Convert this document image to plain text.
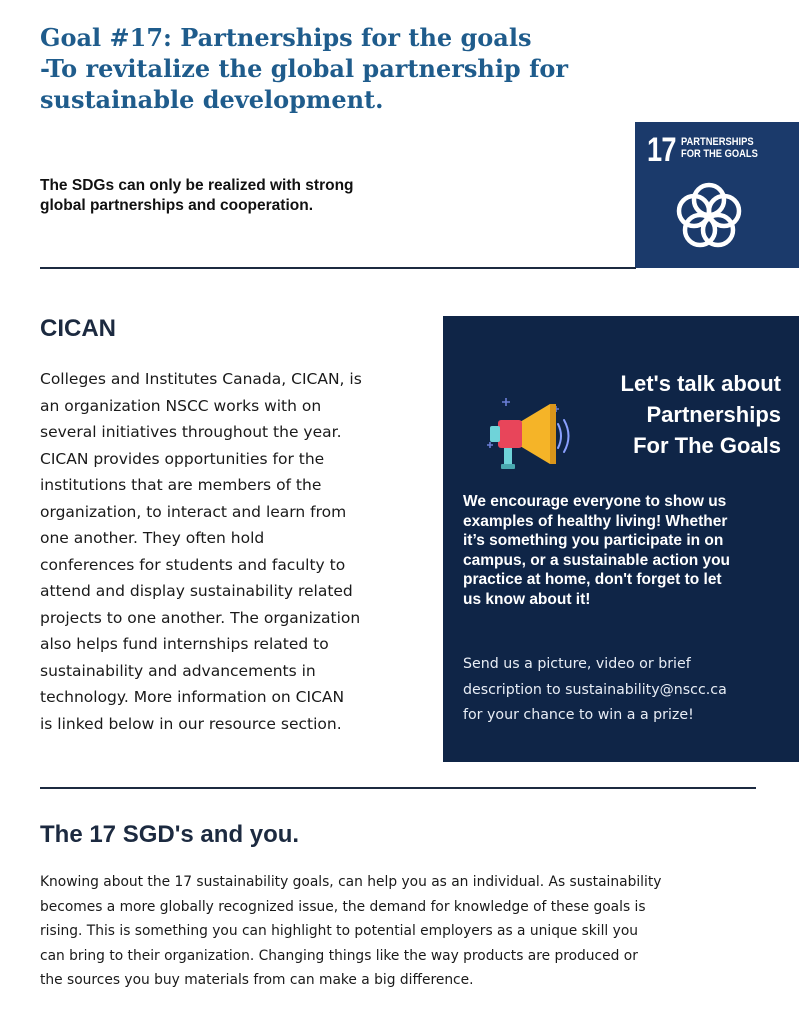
Goal #17: Partnerships for the goals
-To revitalize the global partnership for
sustainable development.
The SDGs can only be realized with strong
global partnerships and cooperation.
17 PARTNERSHIPS
FOR THE GOALS
CICAN
Colleges and Institutes Canada, CICAN, is
an organization NSCC works with on
several initiatives throughout the year.
CICAN provides opportunities for the
institutions that are members of the
organization, to interact and learn from
one another. They often hold
conferences for students and faculty to
attend and display sustainability related
projects to one another. The organization
also helps fund internships related to
sustainability and advancements in
technology. More information on CICAN
is linked below in our resource section.
Let's talk about
Partnerships
For The Goals
We encourage everyone to show us
examples of healthy living! Whether
it’s something you participate in on
campus, or a sustainable action you
practice at home, don't forget to let
us know about it!
Send us a picture, video or brief
description to sustainability@nscc.ca
for your chance to win a a prize!
The 17 SGD's and you.
Knowing about the 17 sustainability goals, can help you as an individual. As sustainability
becomes a more globally recognized issue, the demand for knowledge of these goals is
rising. This is something you can highlight to potential employers as a unique skill you
can bring to their organization. Changing things like the way products are produced or
the sources you buy materials from can make a big difference.
